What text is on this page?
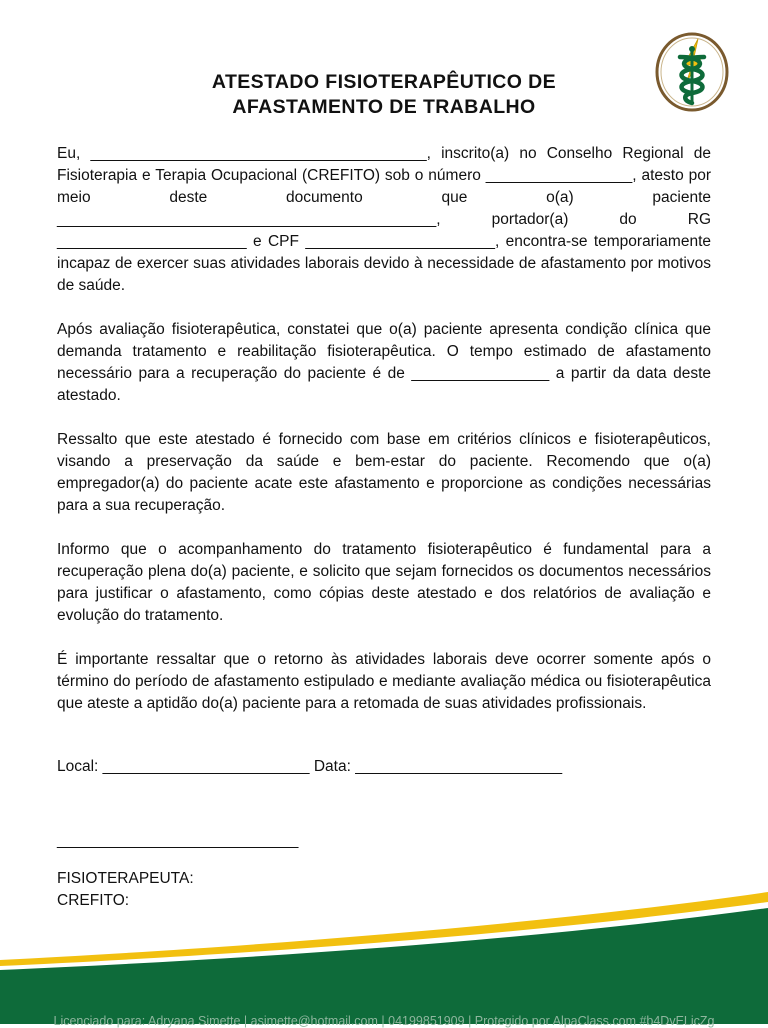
ATESTADO FISIOTERAPÊUTICO DE
AFASTAMENTO DE TRABALHO

Eu, _______________________________________, inscrito(a) no Conselho Regional de Fisioterapia e Terapia Ocupacional (CREFITO) sob o número _________________, atesto por meio deste documento que o(a) paciente ____________________________________________, portador(a) do RG ______________________ e CPF ______________________, encontra-se temporariamente incapaz de exercer suas atividades laborais devido à necessidade de afastamento por motivos de saúde.

Após avaliação fisioterapêutica, constatei que o(a) paciente apresenta condição clínica que demanda tratamento e reabilitação fisioterapêutica. O tempo estimado de afastamento necessário para a recuperação do paciente é de ________________ a partir da data deste atestado.

Ressalto que este atestado é fornecido com base em critérios clínicos e fisioterapêuticos, visando a preservação da saúde e bem-estar do paciente. Recomendo que o(a) empregador(a) do paciente acate este afastamento e proporcione as condições necessárias para a sua recuperação.

Informo que o acompanhamento do tratamento fisioterapêutico é fundamental para a recuperação plena do(a) paciente, e solicito que sejam fornecidos os documentos necessários para justificar o afastamento, como cópias deste atestado e dos relatórios de avaliação e evolução do tratamento.

É importante ressaltar que o retorno às atividades laborais deve ocorrer somente após o término do período de afastamento estipulado e mediante avaliação médica ou fisioterapêutica que ateste a aptidão do(a) paciente para a retomada de suas atividades profissionais.

Local: ________________________ Data: ________________________
____________________________
FISIOTERAPEUTA:
CREFITO:
Licenciado para: Adryana Simette | asimette@hotmail.com | 04199851909 | Protegido por AlpaClass.com #b4DvELicZg
